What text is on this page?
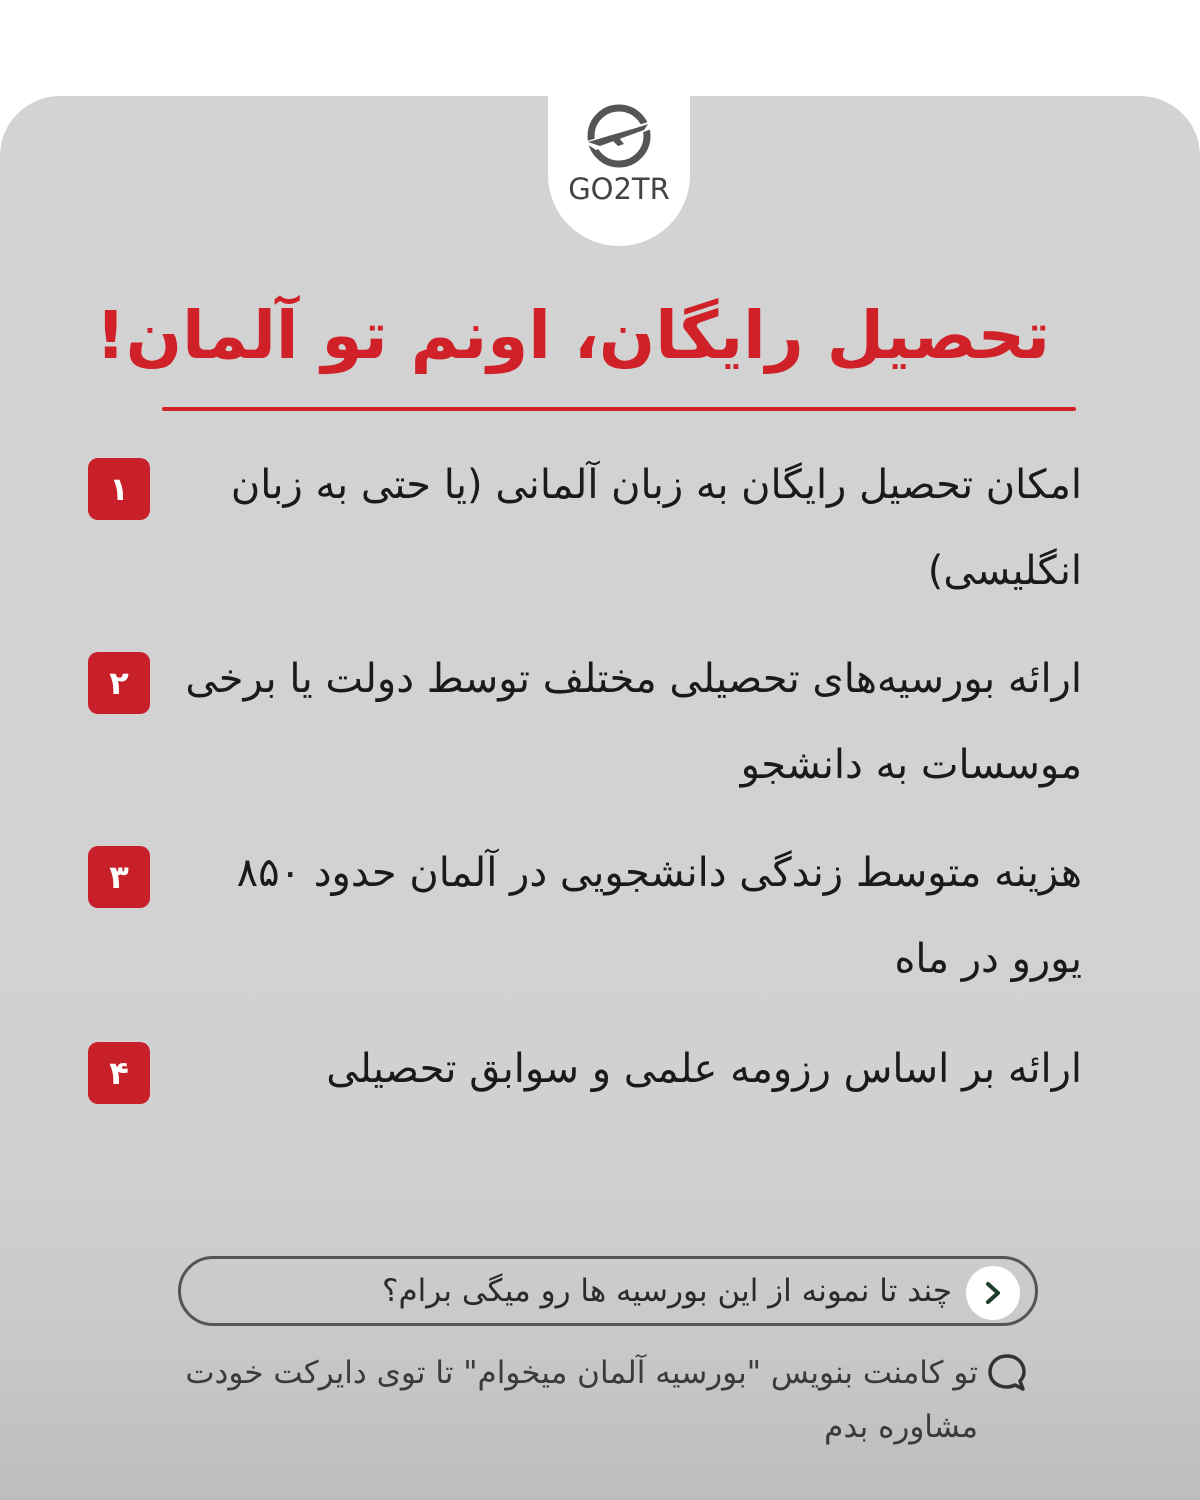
GO2TR
تحصیل رایگان، اونم تو آلمان!
۱	امکان تحصیل رایگان به زبان آلمانی (یا حتی به زبان انگلیسی)
۲	ارائه بورسیه‌های تحصیلی مختلف توسط دولت یا برخی موسسات به دانشجو
۳	هزینه متوسط زندگی دانشجویی در آلمان حدود ۸۵۰ یورو در ماه
۴	ارائه بر اساس رزومه علمی و سوابق تحصیلی
چند تا نمونه از این بورسیه ها رو میگی برام؟
تو کامنت بنویس "بورسیه آلمان میخوام" تا توی دایرکت خودت مشاوره بدم
